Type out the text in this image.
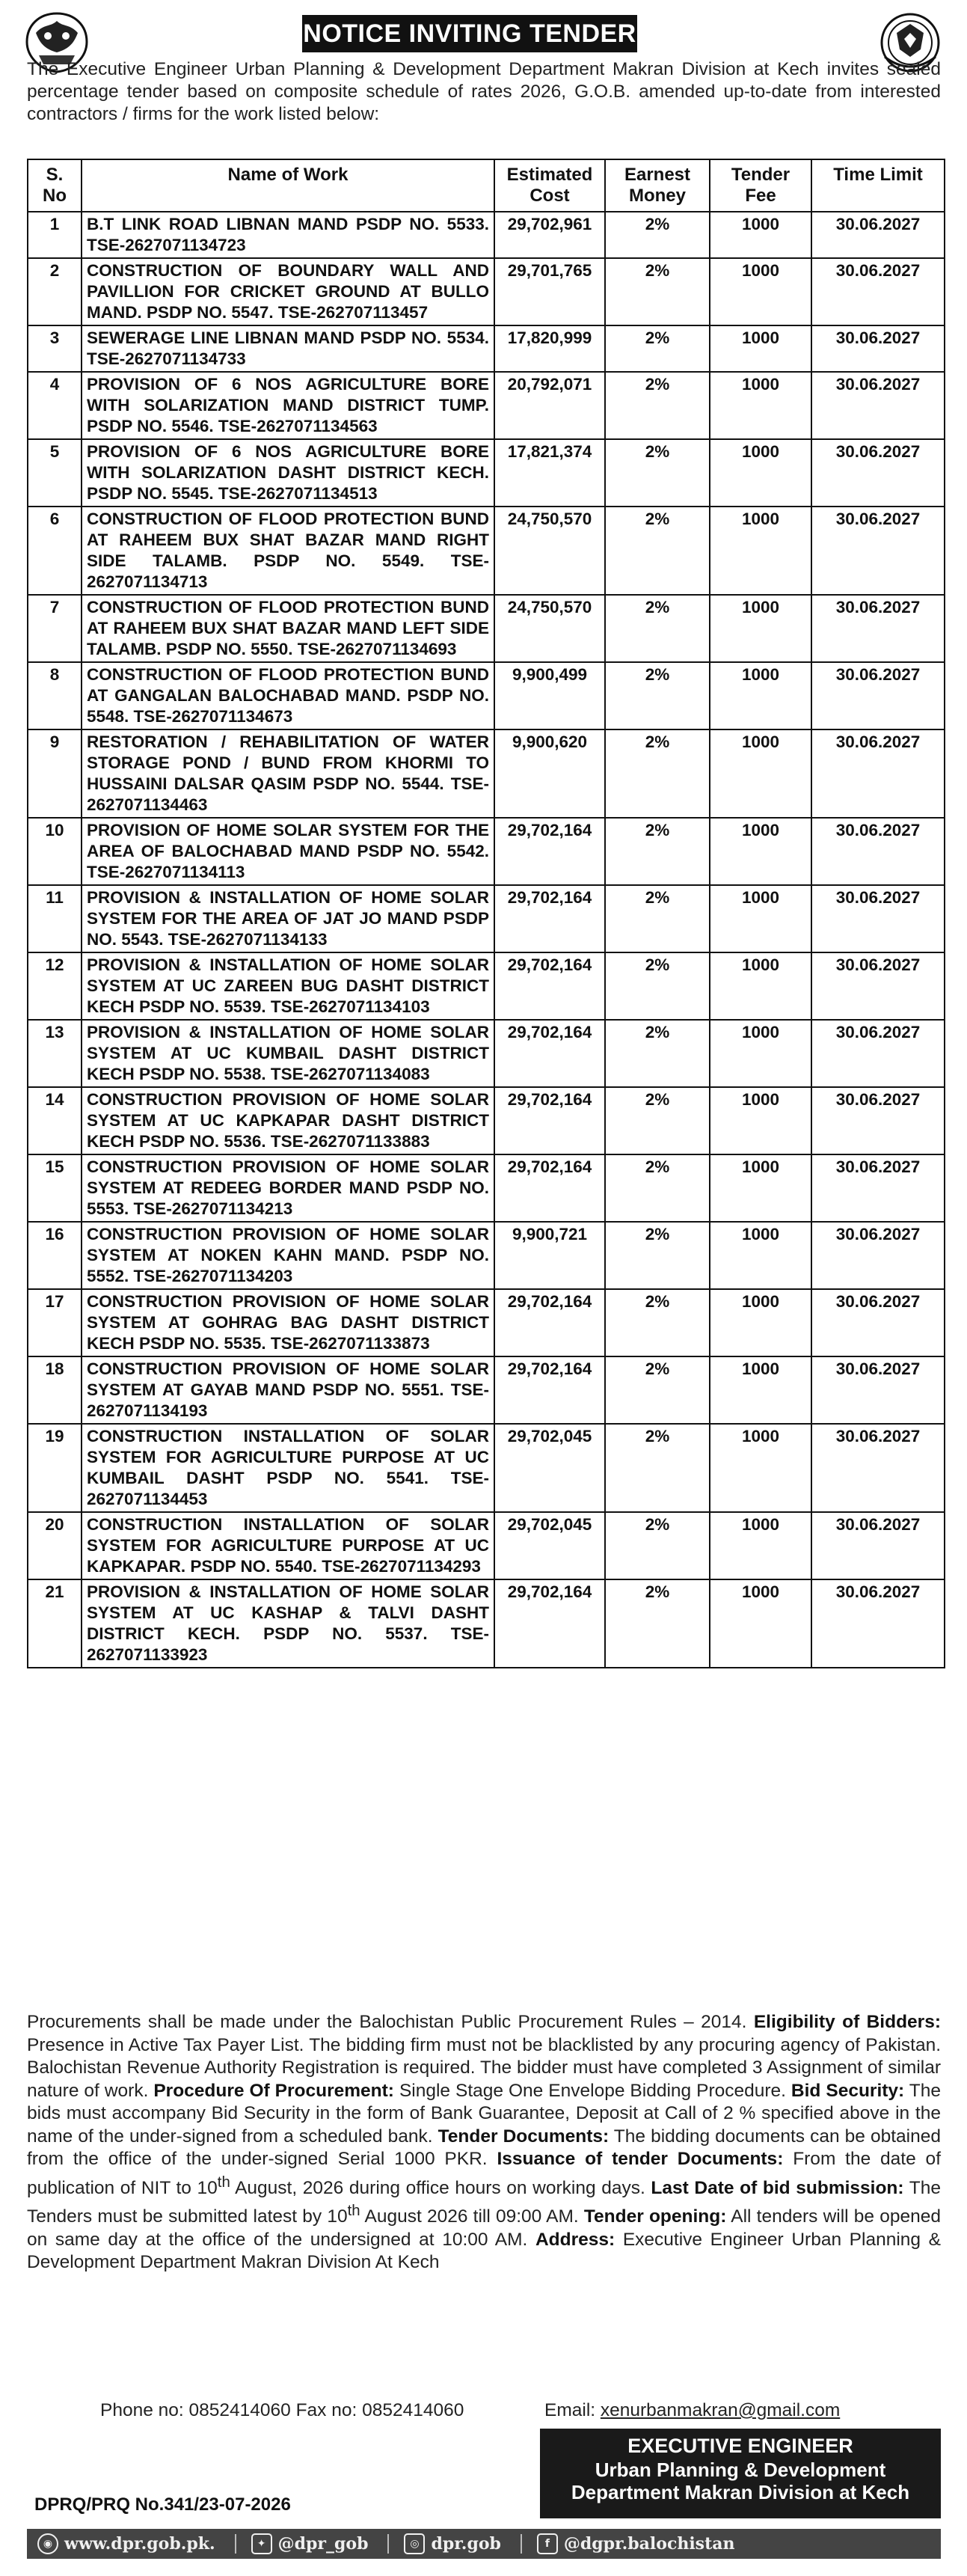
NOTICE INVITING TENDER
The Executive Engineer Urban Planning & Development Department Makran Division at Kech invites sealed percentage tender based on composite schedule of rates 2026, G.O.B. amended up-to-date from interested contractors / firms for the work listed below:
S. No	Name of Work	Estimated Cost	Earnest Money	Tender Fee	Time Limit
1	B.T LINK ROAD LIBNAN MAND PSDP NO. 5533. TSE-2627071134723	29,702,961	2%	1000	30.06.2027
2	CONSTRUCTION OF BOUNDARY WALL AND PAVILLION FOR CRICKET GROUND AT BULLO MAND. PSDP NO. 5547. TSE-262707113457	29,701,765	2%	1000	30.06.2027
3	SEWERAGE LINE LIBNAN MAND PSDP NO. 5534. TSE-2627071134733	17,820,999	2%	1000	30.06.2027
4	PROVISION OF 6 NOS AGRICULTURE BORE WITH SOLARIZATION MAND DISTRICT TUMP. PSDP NO. 5546. TSE-2627071134563	20,792,071	2%	1000	30.06.2027
5	PROVISION OF 6 NOS AGRICULTURE BORE WITH SOLARIZATION DASHT DISTRICT KECH. PSDP NO. 5545. TSE-2627071134513	17,821,374	2%	1000	30.06.2027
6	CONSTRUCTION OF FLOOD PROTECTION BUND AT RAHEEM BUX SHAT BAZAR MAND RIGHT SIDE TALAMB. PSDP NO. 5549. TSE-2627071134713	24,750,570	2%	1000	30.06.2027
7	CONSTRUCTION OF FLOOD PROTECTION BUND AT RAHEEM BUX SHAT BAZAR MAND LEFT SIDE TALAMB. PSDP NO. 5550. TSE-2627071134693	24,750,570	2%	1000	30.06.2027
8	CONSTRUCTION OF FLOOD PROTECTION BUND AT GANGALAN BALOCHABAD MAND. PSDP NO. 5548. TSE-2627071134673	9,900,499	2%	1000	30.06.2027
9	RESTORATION / REHABILITATION OF WATER STORAGE POND / BUND FROM KHORMI TO HUSSAINI DALSAR QASIM PSDP NO. 5544. TSE-2627071134463	9,900,620	2%	1000	30.06.2027
10	PROVISION OF HOME SOLAR SYSTEM FOR THE AREA OF BALOCHABAD MAND PSDP NO. 5542. TSE-2627071134113	29,702,164	2%	1000	30.06.2027
11	PROVISION & INSTALLATION OF HOME SOLAR SYSTEM FOR THE AREA OF JAT JO MAND PSDP NO. 5543. TSE-2627071134133	29,702,164	2%	1000	30.06.2027
12	PROVISION & INSTALLATION OF HOME SOLAR SYSTEM AT UC ZAREEN BUG DASHT DISTRICT KECH PSDP NO. 5539. TSE-2627071134103	29,702,164	2%	1000	30.06.2027
13	PROVISION & INSTALLATION OF HOME SOLAR SYSTEM AT UC KUMBAIL DASHT DISTRICT KECH PSDP NO. 5538. TSE-2627071134083	29,702,164	2%	1000	30.06.2027
14	CONSTRUCTION PROVISION OF HOME SOLAR SYSTEM AT UC KAPKAPAR DASHT DISTRICT KECH PSDP NO. 5536. TSE-2627071133883	29,702,164	2%	1000	30.06.2027
15	CONSTRUCTION PROVISION OF HOME SOLAR SYSTEM AT REDEEG BORDER MAND PSDP NO. 5553. TSE-2627071134213	29,702,164	2%	1000	30.06.2027
16	CONSTRUCTION PROVISION OF HOME SOLAR SYSTEM AT NOKEN KAHN MAND. PSDP NO. 5552. TSE-2627071134203	9,900,721	2%	1000	30.06.2027
17	CONSTRUCTION PROVISION OF HOME SOLAR SYSTEM AT GOHRAG BAG DASHT DISTRICT KECH PSDP NO. 5535. TSE-2627071133873	29,702,164	2%	1000	30.06.2027
18	CONSTRUCTION PROVISION OF HOME SOLAR SYSTEM AT GAYAB MAND PSDP NO. 5551. TSE-2627071134193	29,702,164	2%	1000	30.06.2027
19	CONSTRUCTION INSTALLATION OF SOLAR SYSTEM FOR AGRICULTURE PURPOSE AT UC KUMBAIL DASHT PSDP NO. 5541. TSE-2627071134453	29,702,045	2%	1000	30.06.2027
20	CONSTRUCTION INSTALLATION OF SOLAR SYSTEM FOR AGRICULTURE PURPOSE AT UC KAPKAPAR. PSDP NO. 5540. TSE-2627071134293	29,702,045	2%	1000	30.06.2027
21	PROVISION & INSTALLATION OF HOME SOLAR SYSTEM AT UC KASHAP & TALVI DASHT DISTRICT KECH. PSDP NO. 5537. TSE-2627071133923	29,702,164	2%	1000	30.06.2027
Procurements shall be made under the Balochistan Public Procurement Rules – 2014. Eligibility of Bidders: Presence in Active Tax Payer List. The bidding firm must not be blacklisted by any procuring agency of Pakistan. Balochistan Revenue Authority Registration is required. The bidder must have completed 3 Assignment of similar nature of work. Procedure Of Procurement: Single Stage One Envelope Bidding Procedure. Bid Security: The bids must accompany Bid Security in the form of Bank Guarantee, Deposit at Call of 2 % specified above in the name of the under-signed from a scheduled bank. Tender Documents: The bidding documents can be obtained from the office of the under-signed Serial 1000 PKR. Issuance of tender Documents: From the date of publication of NIT to 10th August, 2026 during office hours on working days. Last Date of bid submission: The Tenders must be submitted latest by 10th August 2026 till 09:00 AM. Tender opening: All tenders will be opened on same day at the office of the undersigned at 10:00 AM. Address: Executive Engineer Urban Planning & Development Department Makran Division At Kech
Phone no: 0852414060 Fax no: 0852414060	Email: xenurbanmakran@gmail.com
EXECUTIVE ENGINEER
Urban Planning & Development
Department Makran Division at Kech
DPRQ/PRQ No.341/23-07-2026
◉ www.dpr.gob.pk.	✦ @dpr_gob	◎ dpr.gob	f @dgpr.balochistan
